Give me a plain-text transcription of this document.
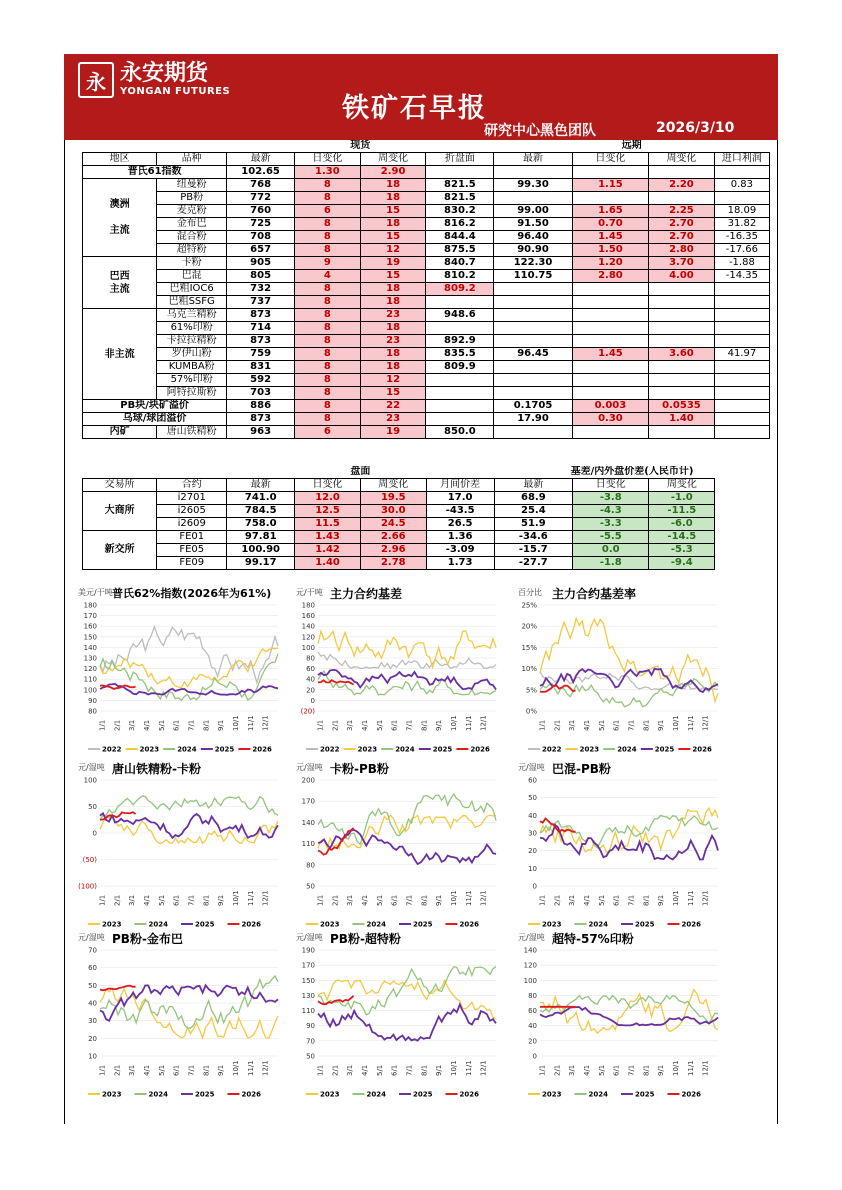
永 永安期货
YONGAN FUTURES
铁矿石早报
研究中心黑色团队	2026/3/10
		现货				远期			
地区	品种	最新	日变化	周变化	折盘面	最新	日变化	周变化	进口利润
普氏61指数		102.65	1.30	2.90					
澳洲

主流	纽曼粉	768	8	18	821.5	99.30	1.15	2.20	0.83
	PB粉	772	8	18	821.5				
	麦克粉	760	6	15	830.2	99.00	1.65	2.25	18.09
	金布巴	725	8	18	816.2	91.50	0.70	2.70	31.82
	混合粉	708	8	15	844.4	96.40	1.45	2.70	-16.35
	超特粉	657	8	12	875.5	90.90	1.50	2.80	-17.66
巴西
主流	卡粉	905	9	19	840.7	122.30	1.20	3.70	-1.88
	巴混	805	4	15	810.2	110.75	2.80	4.00	-14.35
	巴粗IOC6	732	8	18	809.2				
	巴粗SSFG	737	8	18					
非主流	乌克兰精粉	873	8	23	948.6				
	61%印粉	714	8	18					
	卡拉拉精粉	873	8	23	892.9				
	罗伊山粉	759	8	18	835.5	96.45	1.45	3.60	41.97
	KUMBA粉	831	8	18	809.9				
	57%印粉	592	8	12					
	阿特拉斯粉	703	8	15					
PB块/块矿溢价		886	8	22		0.1705	0.003	0.0535	
乌球/球团溢价		873	8	23		17.90	0.30	1.40	
内矿	唐山铁精粉	963	6	19	850.0				
		盘面				基差/内外盘价差(人民币计)			
交易所	合约	最新	日变化	周变化	月间价差	最新	日变化	周变化	
大商所	i2701	741.0	12.0	19.5	17.0	68.9	-3.8	-1.0	
	i2605	784.5	12.5	30.0	-43.5	25.4	-4.3	-11.5	
	i2609	758.0	11.5	24.5	26.5	51.9	-3.3	-6.0	
新交所	FE01	97.81	1.43	2.66	1.36	-34.6	-5.5	-14.5	
	FE05	100.90	1.42	2.96	-3.09	-15.7	0.0	-5.3	
	FE09	99.17	1.40	2.78	1.73	-27.7	-1.8	-9.4	
美元/干吨 普氏62%指数(2026年为61%)
180
170
160
150
140
130
120
110
100
90
80
1/1 2/1 3/1 4/1 5/1 6/1 7/1 8/1 9/1 10/1 11/1 12/1
2022	2023	2024	2025	2026
元/干吨 主力合约基差
180
160
140
120
100
80
60
40
20
0
(20)
1/1 2/1 3/1 4/1 5/1 6/1 7/1 8/1 9/1 10/1 11/1 12/1
2022	2023	2024	2025	2026
百分比 主力合约基差率
25%
20%
15%
10%
5%
0%
1/1 2/1 3/1 4/1 5/1 6/1 7/1 8/1 9/1 10/1 11/1 12/1
2022	2023	2024	2025	2026
元/湿吨 唐山铁精粉-卡粉
100
50
0
(50)
(100)
1/1 2/1 3/1 4/1 5/1 6/1 7/1 8/1 9/1 10/1 11/1 12/1
2023	2024	2025	2026
元/湿吨 卡粉-PB粉
200
170
140
110
80
50
1/1 2/1 3/1 4/1 5/1 6/1 7/1 8/1 9/1 10/1 11/1 12/1
2023	2024	2025	2026
元/湿吨 巴混-PB粉
60
50
40
30
20
10
0
1/1 2/1 3/1 4/1 5/1 6/1 7/1 8/1 9/1 10/1 11/1 12/1
2023	2024	2025	2026
元/湿吨 PB粉-金布巴
70
60
50
40
30
20
10
1/1 2/1 3/1 4/1 5/1 6/1 7/1 8/1 9/1 10/1 11/1 12/1
2023	2024	2025	2026
元/湿吨 PB粉-超特粉
190
170
150
130
110
90
70
50
1/1 2/1 3/1 4/1 5/1 6/1 7/1 8/1 9/1 10/1 11/1 12/1
2023	2024	2025	2026
元/湿吨 超特-57%印粉
140
120
100
80
60
40
20
0
1/1 2/1 3/1 4/1 5/1 6/1 7/1 8/1 9/1 10/1 11/1 12/1
2023	2024	2025	2026
